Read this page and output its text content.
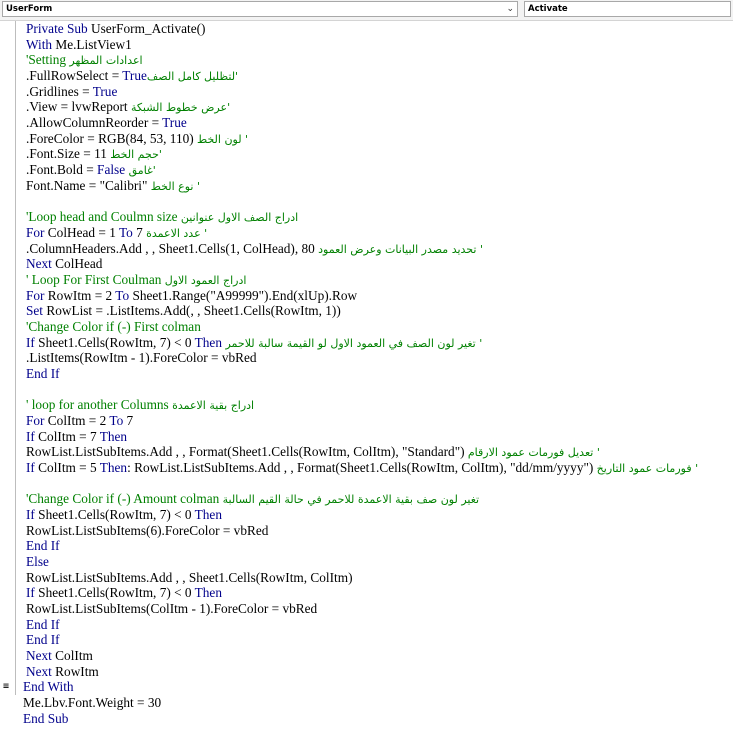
UserForm	⌄	Activate
≡
Private Sub UserForm_Activate()
With Me.ListView1
'Setting اعدادات المظهر
.FullRowSelect = Trueلتظليل كامل الصف'
.Gridlines = True
.View = lvwReport عرض خطوط الشبكة'
.AllowColumnReorder = True
.ForeColor = RGB(84, 53, 110) لون الخط '
.Font.Size = 11 حجم الخط'
.Font.Bold = False غامق'
Font.Name = "Calibri" نوع الخط '
'Loop head and Coulmn size ادراج الصف الاول عنوانين
For ColHead = 1 To 7 عدد الاعمدة '
.ColumnHeaders.Add , , Sheet1.Cells(1, ColHead), 80 تحديد مصدر البيانات وعرض العمود '
Next ColHead
' Loop For First Coulman ادراج العمود الاول
For RowItm = 2 To Sheet1.Range("A99999").End(xlUp).Row
Set RowList = .ListItems.Add(, , Sheet1.Cells(RowItm, 1))
'Change Color if (-) First colman
If Sheet1.Cells(RowItm, 7) < 0 Then تغير لون الصف في العمود الاول لو القيمة سالبة للاحمر '
.ListItems(RowItm - 1).ForeColor = vbRed
End If
' loop for another Columns ادراج بقية الاعمدة
For ColItm = 2 To 7
If ColItm = 7 Then
RowList.ListSubItems.Add , , Format(Sheet1.Cells(RowItm, ColItm), "Standard") تعديل فورمات عمود الارقام '
If ColItm = 5 Then: RowList.ListSubItems.Add , , Format(Sheet1.Cells(RowItm, ColItm), "dd/mm/yyyy") فورمات عمود التاريخ '
'Change Color if (-) Amount colman تغير لون صف بقية الاعمدة للاحمر في حالة القيم السالبة
If Sheet1.Cells(RowItm, 7) < 0 Then
RowList.ListSubItems(6).ForeColor = vbRed
End If
Else
RowList.ListSubItems.Add , , Sheet1.Cells(RowItm, ColItm)
If Sheet1.Cells(RowItm, 7) < 0 Then
RowList.ListSubItems(ColItm - 1).ForeColor = vbRed
End If
End If
Next ColItm
Next RowItm
End With
Me.Lbv.Font.Weight = 30
End Sub
